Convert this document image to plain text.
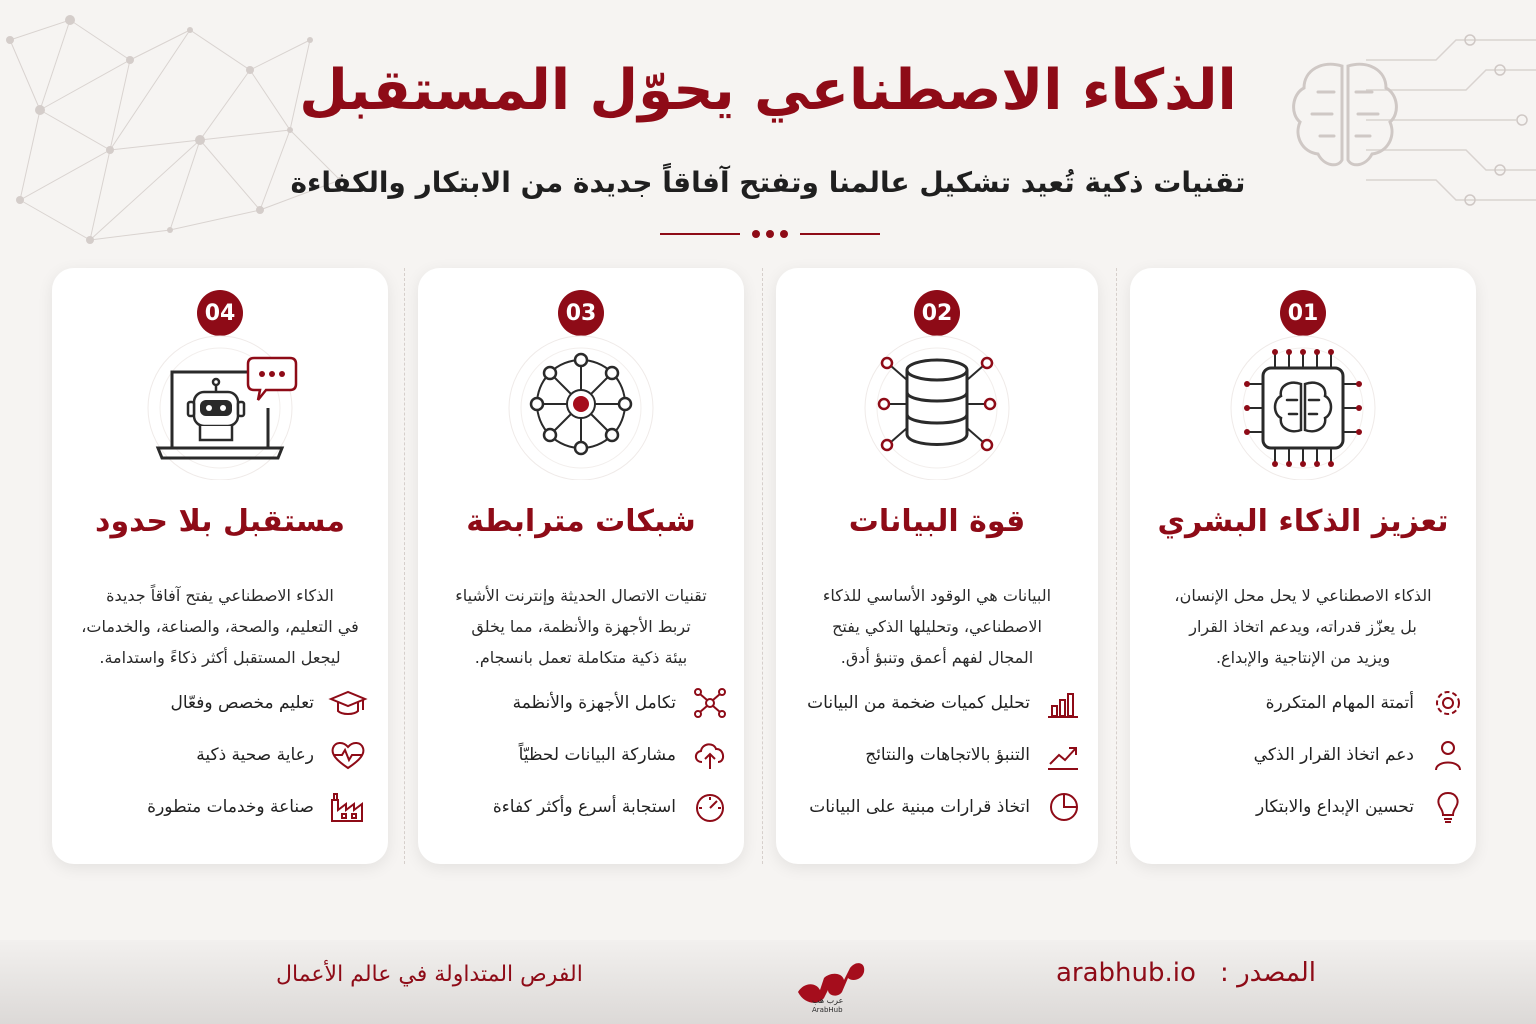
الذكاء الاصطناعي يحوّل المستقبل
تقنيات ذكية تُعيد تشكيل عالمنا وتفتح آفاقاً جديدة من الابتكار والكفاءة
01
تعزيز الذكاء البشري
الذكاء الاصطناعي لا يحل محل الإنسان،
بل يعزّز قدراته، ويدعم اتخاذ القرار
ويزيد من الإنتاجية والإبداع.
أتمتة المهام المتكررة
دعم اتخاذ القرار الذكي
تحسين الإبداع والابتكار
02
قوة البيانات
البيانات هي الوقود الأساسي للذكاء
الاصطناعي، وتحليلها الذكي يفتح
المجال لفهم أعمق وتنبؤ أدق.
تحليل كميات ضخمة من البيانات
التنبؤ بالاتجاهات والنتائج
اتخاذ قرارات مبنية على البيانات
03
شبكات مترابطة
تقنيات الاتصال الحديثة وإنترنت الأشياء
تربط الأجهزة والأنظمة، مما يخلق
بيئة ذكية متكاملة تعمل بانسجام.
تكامل الأجهزة والأنظمة
مشاركة البيانات لحظيّاً
استجابة أسرع وأكثر كفاءة
04
مستقبل بلا حدود
الذكاء الاصطناعي يفتح آفاقاً جديدة
في التعليم، والصحة، والصناعة، والخدمات،
ليجعل المستقبل أكثر ذكاءً واستدامة.
تعليم مخصص وفعّال
رعاية صحية ذكية
صناعة وخدمات متطورة
المصدر :
arabhub.io
الفرص المتداولة في عالم الأعمال
عرب هب
ArabHub
